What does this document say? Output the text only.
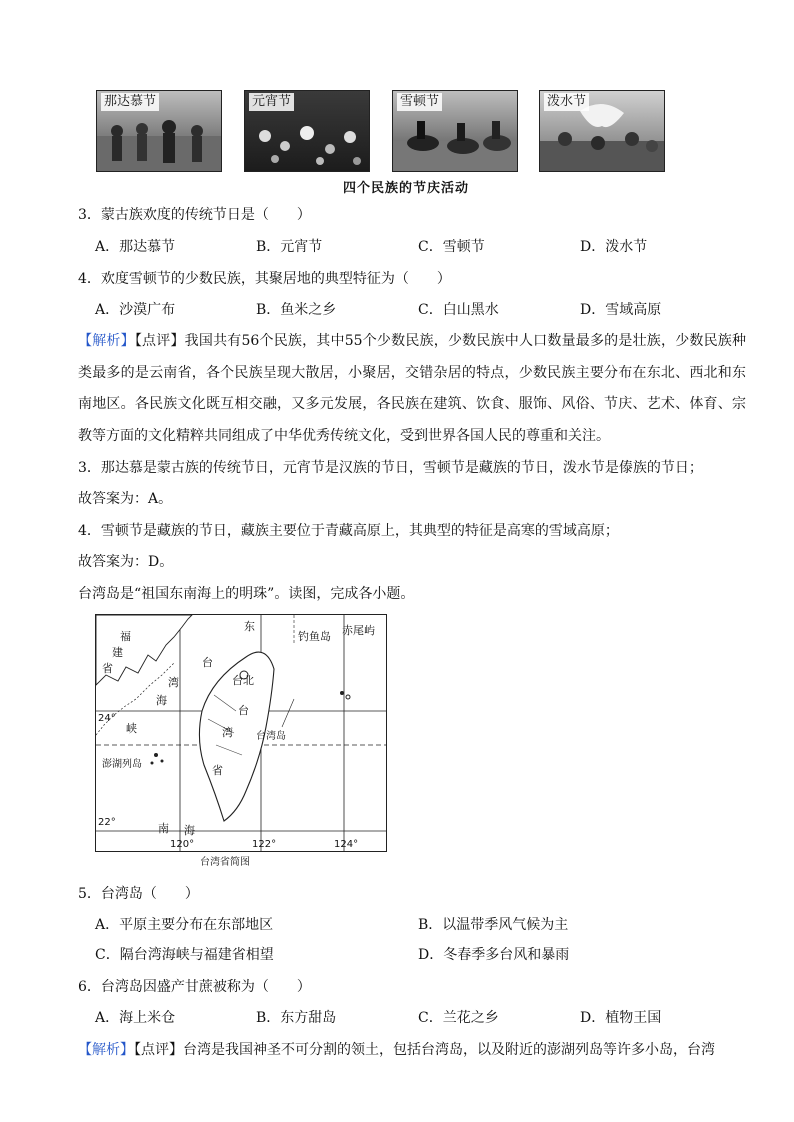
那达慕节	元宵节	雪顿节	泼水节
四个民族的节庆活动
3．蒙古族欢度的传统节日是（　　）
A．那达慕节	B．元宵节	C．雪顿节	D．泼水节
4．欢度雪顿节的少数民族，其聚居地的典型特征为（　　）
A．沙漠广布	B．鱼米之乡	C．白山黑水	D．雪域高原
【解析】【点评】我国共有56个民族，其中55个少数民族，少数民族中人口数量最多的是壮族，少数民族种类最多的是云南省，各个民族呈现大散居，小聚居，交错杂居的特点，少数民族主要分布在东北、西北和东南地区。各民族文化既互相交融，又多元发展，各民族在建筑、饮食、服饰、风俗、节庆、艺术、体育、宗教等方面的文化精粹共同组成了中华优秀传统文化，受到世界各国人民的尊重和关注。
3．那达慕是蒙古族的传统节日，元宵节是汉族的节日，雪顿节是藏族的节日，泼水节是傣族的节日；
故答案为：A。
4．雪顿节是藏族的节日，藏族主要位于青藏高原上，其典型的特征是高寒的雪域高原；
故答案为：D。
台湾岛是“祖国东南海上的明珠”。读图，完成各小题。
福
建
省	台
湾
海
峡
东
钓鱼岛 赤尾屿
台北
台
湾
省
台湾岛
澎湖列岛
南 海
24°
22°
120°	122°	124°
台湾省简图
5．台湾岛（　　）
A．平原主要分布在东部地区	B．以温带季风气候为主
C．隔台湾海峡与福建省相望	D．冬春季多台风和暴雨
6．台湾岛因盛产甘蔗被称为（　　）
A．海上米仓	B．东方甜岛	C．兰花之乡	D．植物王国
【解析】【点评】台湾是我国神圣不可分割的领土，包括台湾岛，以及附近的澎湖列岛等许多小岛，台湾
